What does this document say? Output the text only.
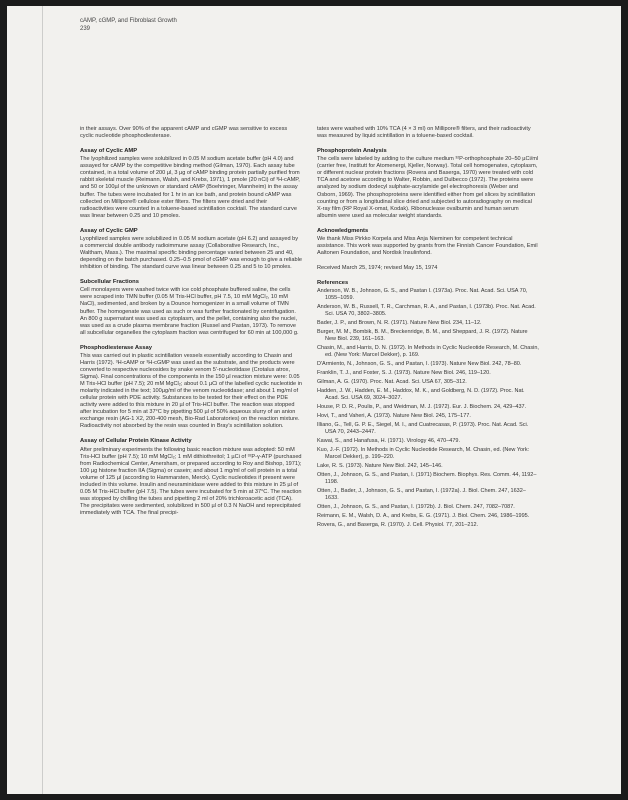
cAMP, cGMP, and Fibroblast Growth
239

in their assays. Over 90% of the apparent cAMP and cGMP was sensitive to excess cyclic nucleotide phosphodiesterase.

Assay of Cyclic AMP

The lyophilized samples were solubilized in 0.05 M sodium acetate buffer (pH 4.0) and assayed for cAMP by the competitive binding method (Gilman, 1970). Each assay tube contained, in a total volume of 200 µl, 3 µg of cAMP binding protein partially purified from rabbit skeletal muscle (Reimann, Walsh, and Krebs, 1971), 1 pmole (20 nCi) of ³H-cAMP, and 50 or 100µl of the unknown or standard cAMP (Boehringer, Mannheim) in the assay buffer. The tubes were incubated for 1 hr in an ice bath, and protein bound cAMP was collected on Millipore® cellulose ester filters. The filters were dried and their radioactivities were counted in a toluene-based scintillation cocktail. The standard curve was linear between 0.25 and 10 pmoles.

Assay of Cyclic GMP

Lyophilized samples were solubilized in 0.05 M sodium acetate (pH 6.2) and assayed by a commercial double antibody radioimmune assay (Collaborative Research, Inc., Waltham, Mass.). The maximal specific binding percentage varied between 25 and 40, depending on the batch purchased. 0.25–0.5 pmol of cGMP was enough to give a reliable inhibition of binding. The standard curve was linear between 0.25 and 5 to 10 pmoles.

Subcellular Fractions

Cell monolayers were washed twice with ice cold phosphate buffered saline, the cells were scraped into TMN buffer (0.05 M Tris-HCl buffer, pH 7.5, 10 mM MgCl₂, 10 mM NaCl), sedimented, and broken by a Dounce homogenizer in a small volume of TMN buffer. The homogenate was used as such or was further fractionated by centrifugation. An 800 g supernatant was used as cytoplasm, and the pellet, containing also the nuclei, was used as a crude plasma membrane fraction (Russel and Pastan, 1973). To remove all subcellular organelles the cytoplasm fraction was centrifuged for 60 min at 100,000 g.

Phosphodiesterase Assay

This was carried out in plastic scintillation vessels essentially according to Chasin and Harris (1972). ³H-cAMP or ³H-cGMP was used as the substrate, and the products were converted to respective nucleosides by snake venom 5′-nucleotidase (Crotalus atrox, Sigma). Final concentrations of the components in the 150 µl reaction mixture were: 0.05 M Tris-HCl buffer (pH 7.5); 20 mM MgCl₂; about 0.1 µCi of the labelled cyclic nucleotide in molarity indicated in the text; 100µg/ml of the venom nucleotidase; and about 1 mg/ml of cellular protein with PDE activity. Substances to be tested for their effect on the PDE activity were added to this mixture in 20 µl of Tris-HCl buffer. The reaction was stopped after incubation for 5 min at 37°C by pipetting 500 µl of 50% aqueous slurry of an anion exchange resin (AG-1 X2, 200-400 mesh, Bio-Rad Laboratories) on the reaction mixture. Radioactivity not absorbed by the resin was counted in Bray's scintillation solution.

Assay of Cellular Protein Kinase Activity

After preliminary experiments the following basic reaction mixture was adopted: 50 mM Tris-HCl buffer (pH 7.5); 10 mM MgCl₂; 1 mM dithiothreitol; 1 µCi of ³²P-γ-ATP (purchased from Radiochemical Center, Amersham, or prepared according to Roy and Bishop, 1971); 100 µg histone fraction IIA (Sigma) or casein; and about 1 mg/ml of cell protein in a total volume of 125 µl (according to Hammarsten, Merck). Cyclic nucleotides if present were included in this volume. Insulin and neuraminidase were added to this mixture in 25 µl of 0.05 M Tris-HCl buffer (pH 7.5). The tubes were incubated for 5 min at 37°C. The reaction was stopped by chilling the tubes and pipetting 2 ml of 20% trichloroacetic acid (TCA). The precipitates were sedimented, solubilized in 500 µl of 0.3 N NaOH and reprecipitated immediately with TCA. The final precipi-

tates were washed with 10% TCA (4 × 3 ml) on Millipore® filters, and their radioactivity was measured by liquid scintillation in a toluene-based cocktail.

Phosphoprotein Analysis

The cells were labeled by adding to the culture medium ³²P-orthophosphate 20–50 µCi/ml (carrier free, Institutt for Atomenergi, Kjeller, Norway). Total cell homogenates, cytoplasm, or different nuclear protein fractions (Rovera and Baserga, 1970) were treated with cold TCA and acetone according to Walter, Robbin, and Dulbecco (1972). The proteins were analyzed by sodium dodecyl sulphate-acrylamide gel electrophoresis (Weber and Osborn, 1969). The phosphoproteins were identified either from gel slices by scintillation counting or from a longitudinal slice dried and subjected to autoradiography on medical X-ray film (RP Royal X-omat, Kodak). Ribonuclease ovalbumin and human serum albumin were used as molecular weight standards.

Acknowledgments

We thank Miss Pirkko Korpela and Miss Anja Nieminen for competent technical assistance. This work was supported by grants from the Finnish Cancer Foundation, Emil Aaltonen Foundation, and Nordisk Insulinfond.

Received March 25, 1974; revised May 15, 1974

References
Anderson, W. B., Johnson, G. S., and Pastan I. (1973a). Proc. Nat. Acad. Sci. USA 70, 1055–1059.
Anderson, W. B., Russell, T. R., Carchman, R. A., and Pastan, I. (1973b). Proc. Nat. Acad. Sci. USA 70, 3802–3805.
Bader, J. P., and Brown, N. R. (1971). Nature New Biol. 234, 11–12.
Burger, M. M., Bombik, B. M., Breckenridge, B. M., and Sheppard, J. R. (1972). Nature New Biol. 239, 161–163.
Chasin, M., and Harris, D. N. (1972). In Methods in Cyclic Nucleotide Research, M. Chasin, ed. (New York: Marcel Dekker), p. 169.
D'Armiento, N., Johnson, G. S., and Pastan, I. (1973). Nature New Biol. 242, 78–80.
Franklin, T. J., and Foster, S. J. (1973). Nature New Biol. 246, 119–120.
Gilman, A. G. (1970). Proc. Nat. Acad. Sci. USA 67, 305–312.
Hadden, J. W., Hadden, E. M., Haddox, M. K., and Goldberg, N. D. (1972). Proc. Nat. Acad. Sci. USA 69, 3024–3027.
House, P. D. R., Poulis, P., and Weidman, M. J. (1972). Eur. J. Biochem. 24, 429–437.
Hovi, T., and Vaheri, A. (1973). Nature New Biol. 245, 175–177.
Illiano, G., Tell, G. P. E., Siegel, M. I., and Cuatrecasas, P. (1973). Proc. Nat. Acad. Sci. USA 70, 2443–2447.
Kawai, S., and Hanafusa, H. (1971). Virology 46, 470–479.
Kuo, J.-F. (1972). In Methods in Cyclic Nucleotide Research, M. Chasin, ed. (New York: Marcel Dekker), p. 199–220.
Lake, R. S. (1973). Nature New Biol. 242, 145–146.
Otten, J., Johnson, G. S., and Pastan, I. (1971) Biochem. Biophys. Res. Comm. 44, 1192–1198.
Otten, J., Bader, J., Johnson, G. S., and Pastan, I. (1972a). J. Biol. Chem. 247, 1632–1633.
Otten, J., Johnson, G. S., and Pastan, I. (1972b). J. Biol. Chem. 247, 7082–7087.
Reimann, E. M., Walsh, D. A., and Krebs, E. G. (1971). J. Biol. Chem. 246, 1986–1995.
Rovera, G., and Baserga, R. (1970). J. Cell. Physiol. 77, 201–212.
